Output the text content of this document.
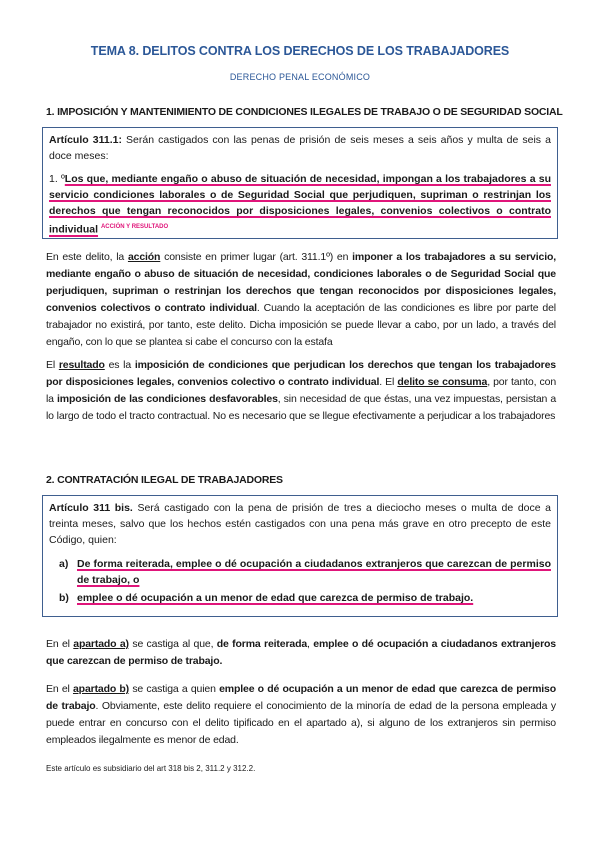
TEMA 8. DELITOS CONTRA LOS DERECHOS DE LOS TRABAJADORES
DERECHO PENAL ECONÓMICO
1. IMPOSICIÓN Y MANTENIMIENTO DE CONDICIONES ILEGALES DE TRABAJO O DE SEGURIDAD SOCIAL
Artículo 311.1: Serán castigados con las penas de prisión de seis meses a seis años y multa de seis a doce meses:
1. ºLos que, mediante engaño o abuso de situación de necesidad, impongan a los trabajadores a su servicio condiciones laborales o de Seguridad Social que perjudiquen, supriman o restrinjan los derechos que tengan reconocidos por disposiciones legales, convenios colectivos o contrato individual $^{ACCIÓN Y RESULTADO}$
En este delito, la acción consiste en primer lugar (art. 311.1º) en imponer a los trabajadores a su servicio, mediante engaño o abuso de situación de necesidad, condiciones laborales o de Seguridad Social que perjudiquen, supriman o restrinjan los derechos que tengan reconocidos por disposiciones legales, convenios colectivos o contrato individual. Cuando la aceptación de las condiciones es libre por parte del trabajador no existirá, por tanto, este delito. Dicha imposición se puede llevar a cabo, por un lado, a través del engaño, con lo que se plantea si cabe el concurso con la estafa
El resultado es la imposición de condiciones que perjudican los derechos que tengan los trabajadores por disposiciones legales, convenios colectivo o contrato individual. El delito se consuma, por tanto, con la imposición de las condiciones desfavorables, sin necesidad de que éstas, una vez impuestas, persistan a lo largo de todo el tracto contractual. No es necesario que se llegue efectivamente a perjudicar a los trabajadores
2. CONTRATACIÓN ILEGAL DE TRABAJADORES
Artículo 311 bis. Será castigado con la pena de prisión de tres a dieciocho meses o multa de doce a treinta meses, salvo que los hechos estén castigados con una pena más grave en otro precepto de este Código, quien:
a) De forma reiterada, emplee o dé ocupación a ciudadanos extranjeros que carezcan de permiso de trabajo, o
b) emplee o dé ocupación a un menor de edad que carezca de permiso de trabajo.
En el apartado a) se castiga al que, de forma reiterada, emplee o dé ocupación a ciudadanos extranjeros que carezcan de permiso de trabajo.
En el apartado b) se castiga a quien emplee o dé ocupación a un menor de edad que carezca de permiso de trabajo. Obviamente, este delito requiere el conocimiento de la minoría de edad de la persona empleada y puede entrar en concurso con el delito tipificado en el apartado a), si alguno de los extranjeros sin permiso empleados ilegalmente es menor de edad.
Este artículo es subsidiario del art 318 bis 2, 311.2 y 312.2.
